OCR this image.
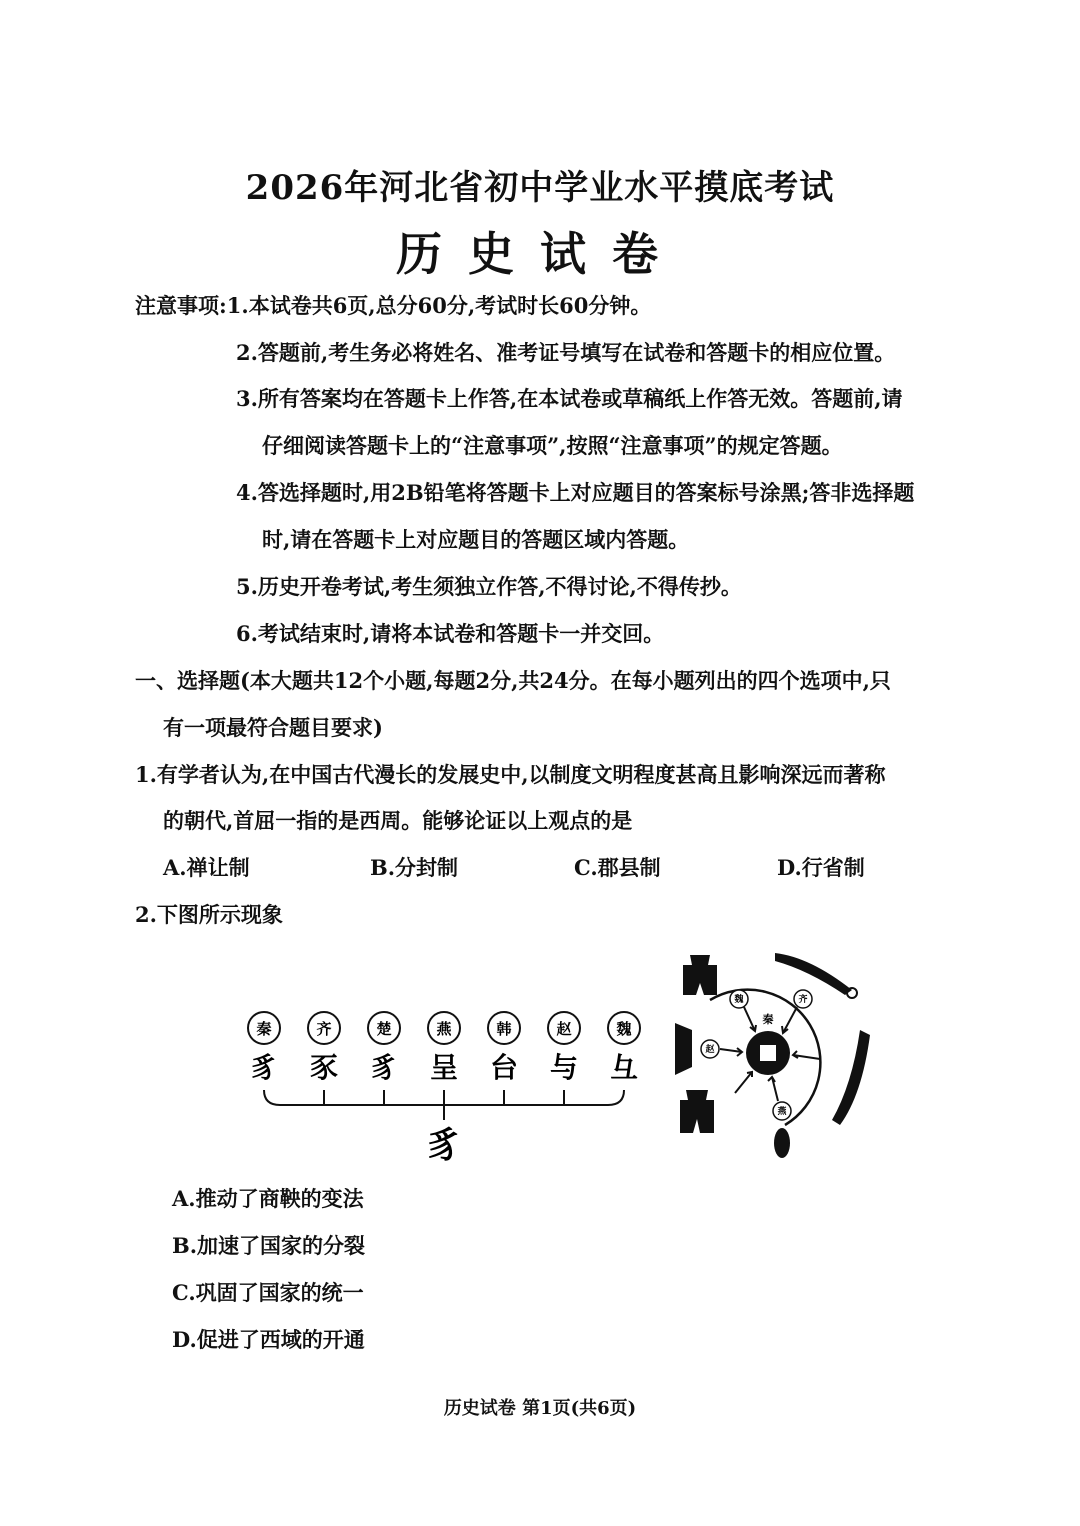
2026年河北省初中学业水平摸底考试
历史试卷
注意事项:1.本试卷共6页,总分60分,考试时长60分钟。
2.答题前,考生务必将姓名、准考证号填写在试卷和答题卡的相应位置。
3.所有答案均在答题卡上作答,在本试卷或草稿纸上作答无效。答题前,请
仔细阅读答题卡上的“注意事项”,按照“注意事项”的规定答题。
4.答选择题时,用2B铅笔将答题卡上对应题目的答案标号涂黑;答非选择题
时,请在答题卡上对应题目的答题区域内答题。
5.历史开卷考试,考生须独立作答,不得讨论,不得传抄。
6.考试结束时,请将本试卷和答题卡一并交回。
一、选择题(本大题共12个小题,每题2分,共24分。在每小题列出的四个选项中,只
有一项最符合题目要求)
1.有学者认为,在中国古代漫长的发展史中,以制度文明程度甚高且影响深远而著称
的朝代,首屈一指的是西周。能够论证以上观点的是
A.禅让制	B.分封制	C.郡县制	D.行省制
2.下图所示现象
秦	齐	楚	燕	韩	赵	魏
豸 豕 豸 呈 台 与 彑
豸
秦
魏	齐
赵
燕
A.推动了商鞅的变法
B.加速了国家的分裂
C.巩固了国家的统一
D.促进了西域的开通
历史试卷 第1页(共6页)
